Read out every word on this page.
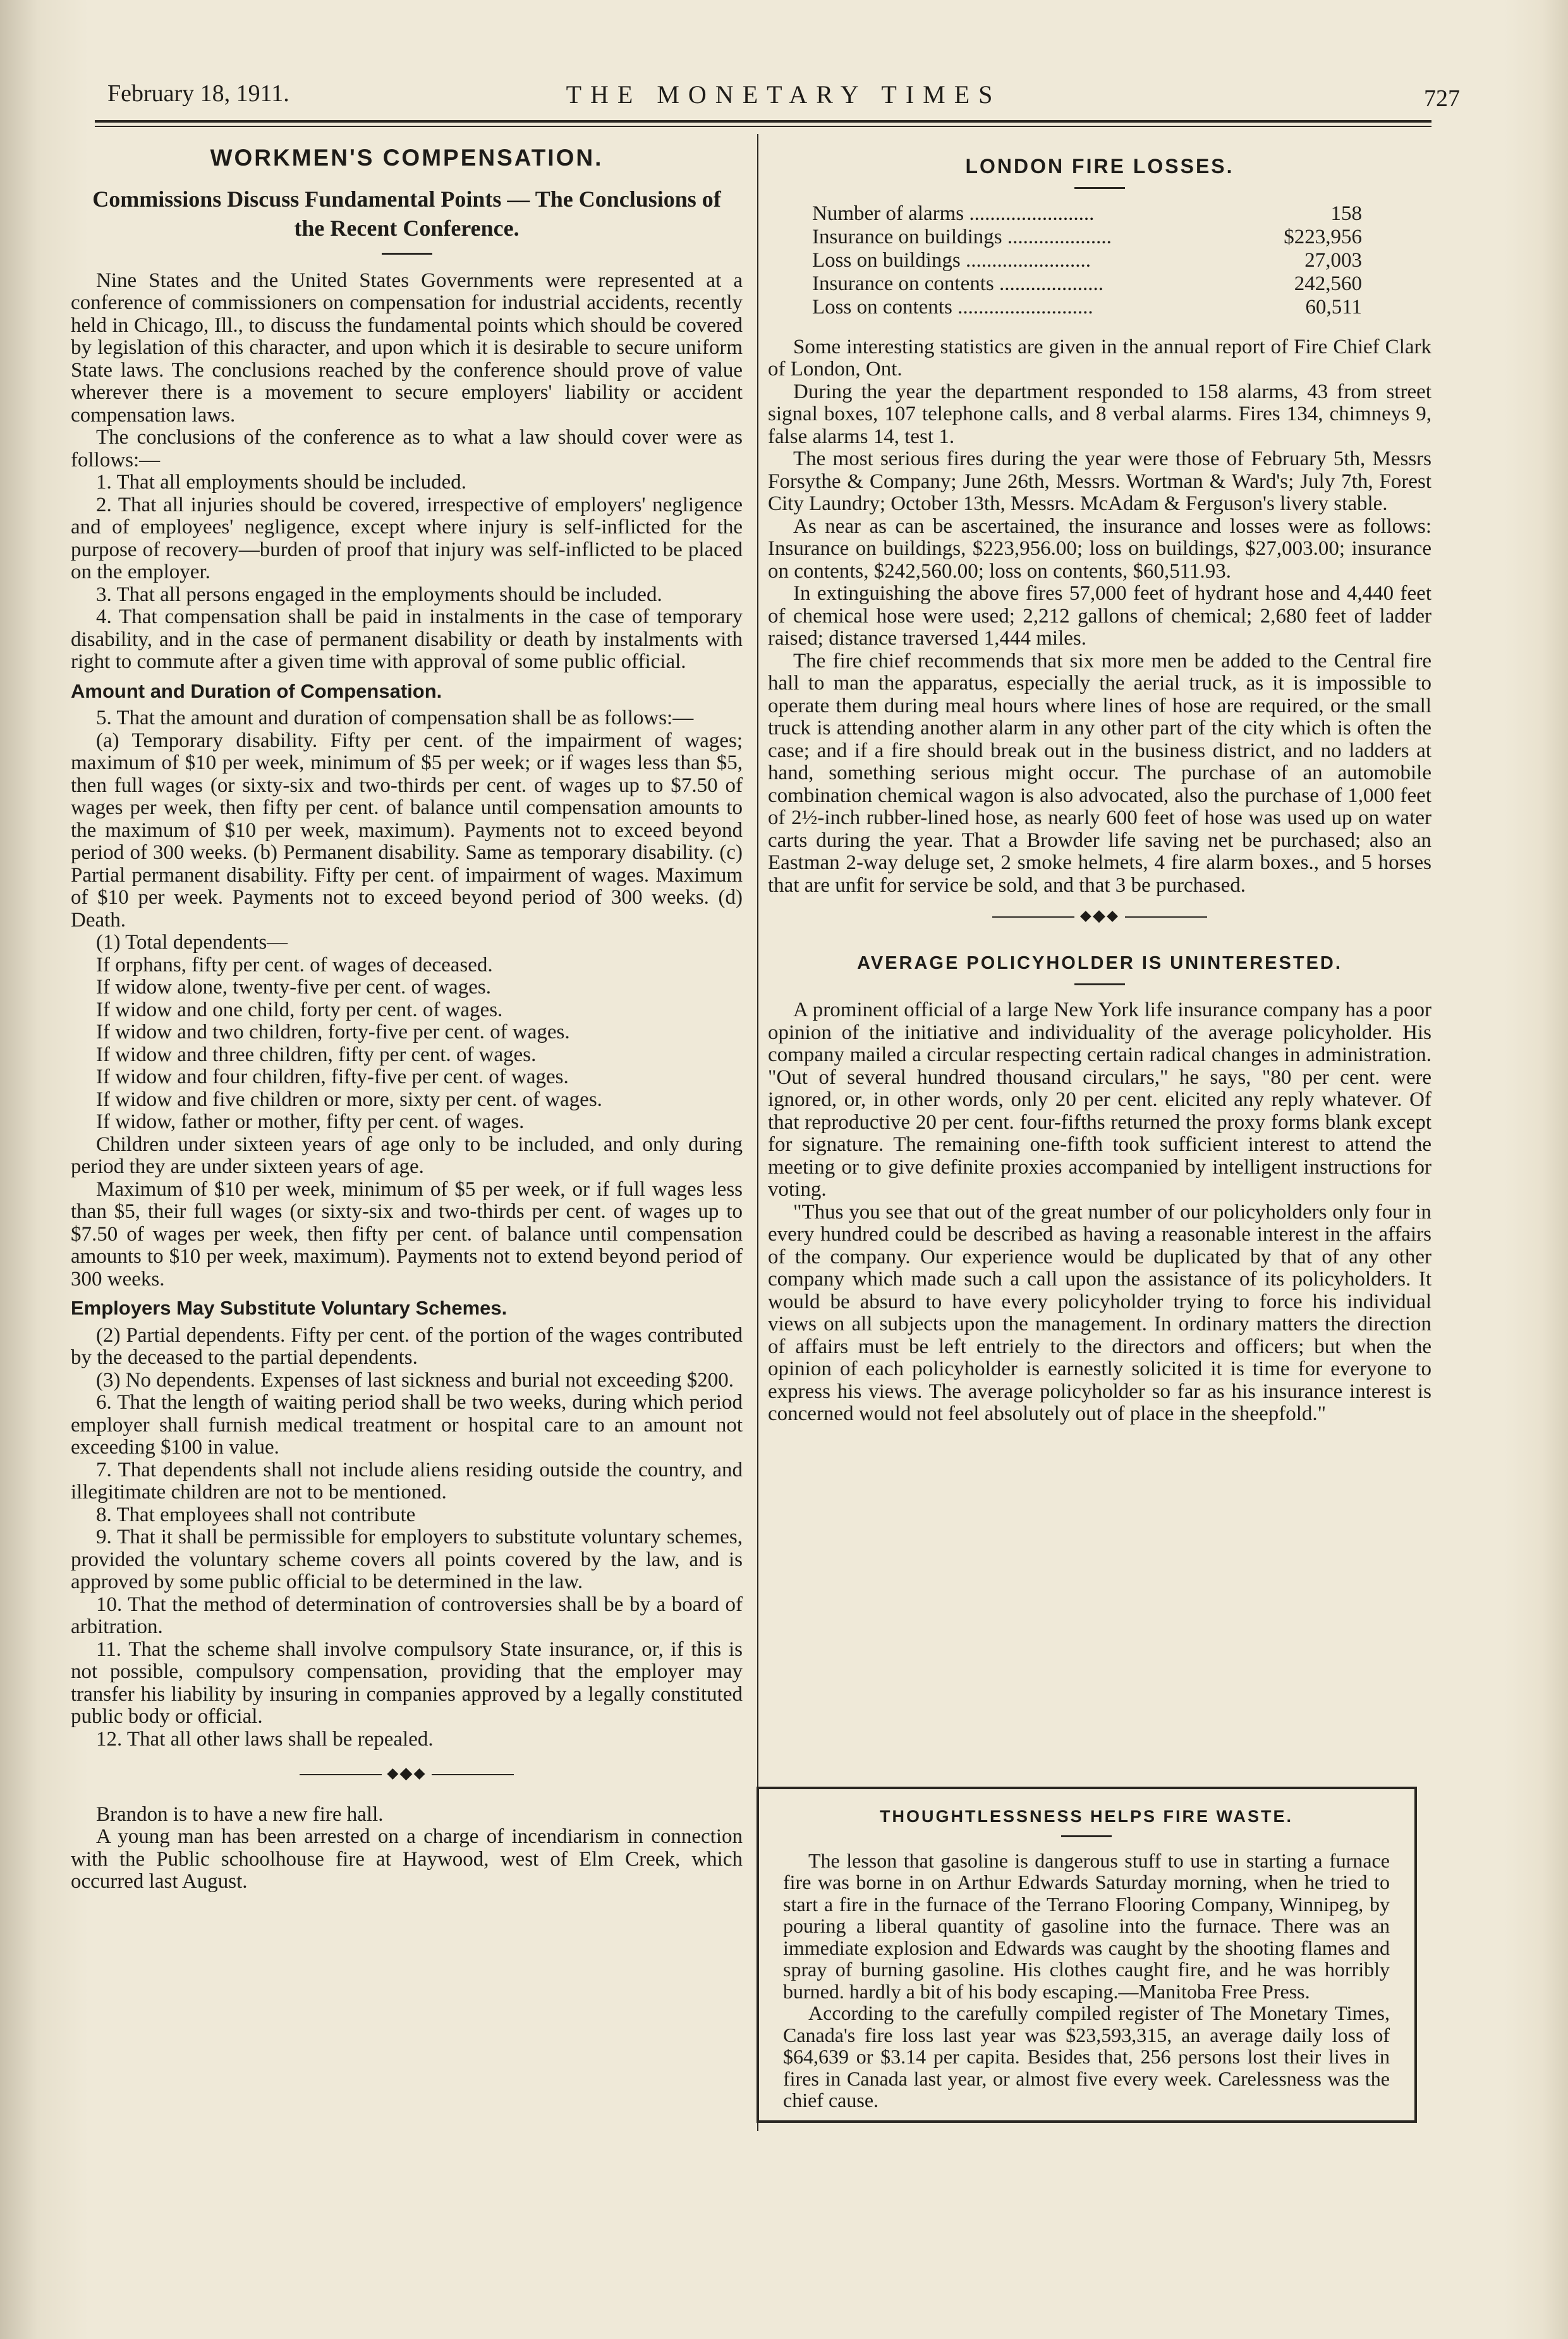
February 18, 1911.	THE MONETARY TIMES	727
WORKMEN'S COMPENSATION.
Commissions Discuss Fundamental Points — The Conclusions of the Recent Conference.

Nine States and the United States Governments were represented at a conference of commissioners on compensation for industrial accidents, recently held in Chicago, Ill., to discuss the fundamental points which should be covered by legislation of this character, and upon which it is desirable to secure uniform State laws. The conclusions reached by the conference should prove of value wherever there is a movement to secure employers' liability or accident compensation laws.

The conclusions of the conference as to what a law should cover were as follows:—

1. That all employments should be included.

2. That all injuries should be covered, irrespective of employers' negligence and of employees' negligence, except where injury is self-inflicted for the purpose of recovery—burden of proof that injury was self-inflicted to be placed on the employer.

3. That all persons engaged in the employments should be included.

4. That compensation shall be paid in instalments in the case of temporary disability, and in the case of permanent disability or death by instalments with right to commute after a given time with approval of some public official.

Amount and Duration of Compensation.

5. That the amount and duration of compensation shall be as follows:—

(a) Temporary disability. Fifty per cent. of the impairment of wages; maximum of $10 per week, minimum of $5 per week; or if wages less than $5, then full wages (or sixty-six and two-thirds per cent. of wages up to $7.50 of wages per week, then fifty per cent. of balance until compensation amounts to the maximum of $10 per week, maximum). Payments not to exceed beyond period of 300 weeks. (b) Permanent disability. Same as temporary disability. (c) Partial permanent disability. Fifty per cent. of impairment of wages. Maximum of $10 per week. Payments not to exceed beyond period of 300 weeks. (d) Death.

(1) Total dependents—

If orphans, fifty per cent. of wages of deceased.

If widow alone, twenty-five per cent. of wages.

If widow and one child, forty per cent. of wages.

If widow and two children, forty-five per cent. of wages.

If widow and three children, fifty per cent. of wages.

If widow and four children, fifty-five per cent. of wages.

If widow and five children or more, sixty per cent. of wages.

If widow, father or mother, fifty per cent. of wages.

Children under sixteen years of age only to be included, and only during period they are under sixteen years of age.

Maximum of $10 per week, minimum of $5 per week, or if full wages less than $5, their full wages (or sixty-six and two-thirds per cent. of wages up to $7.50 of wages per week, then fifty per cent. of balance until compensation amounts to $10 per week, maximum). Payments not to extend beyond period of 300 weeks.

Employers May Substitute Voluntary Schemes.

(2) Partial dependents. Fifty per cent. of the portion of the wages contributed by the deceased to the partial dependents.

(3) No dependents. Expenses of last sickness and burial not exceeding $200.

6. That the length of waiting period shall be two weeks, during which period employer shall furnish medical treatment or hospital care to an amount not exceeding $100 in value.

7. That dependents shall not include aliens residing outside the country, and illegitimate children are not to be mentioned.

8. That employees shall not contribute

9. That it shall be permissible for employers to substitute voluntary schemes, provided the voluntary scheme covers all points covered by the law, and is approved by some public official to be determined in the law.

10. That the method of determination of controversies shall be by a board of arbitration.

11. That the scheme shall involve compulsory State insurance, or, if this is not possible, compulsory compensation, providing that the employer may transfer his liability by insuring in companies approved by a legally constituted public body or official.

12. That all other laws shall be repealed.

⬥◆⬥

Brandon is to have a new fire hall.

A young man has been arrested on a charge of incendiarism in connection with the Public schoolhouse fire at Haywood, west of Elm Creek, which occurred last August.

LONDON FIRE LOSSES.
Number of alarms ........................	158
Insurance on buildings ....................	$223,956
Loss on buildings ........................	27,003
Insurance on contents ....................	242,560
Loss on contents ..........................	60,511

Some interesting statistics are given in the annual report of Fire Chief Clark of London, Ont.

During the year the department responded to 158 alarms, 43 from street signal boxes, 107 telephone calls, and 8 verbal alarms. Fires 134, chimneys 9, false alarms 14, test 1.

The most serious fires during the year were those of February 5th, Messrs Forsythe & Company; June 26th, Messrs. Wortman & Ward's; July 7th, Forest City Laundry; October 13th, Messrs. McAdam & Ferguson's livery stable.

As near as can be ascertained, the insurance and losses were as follows: Insurance on buildings, $223,956.00; loss on buildings, $27,003.00; insurance on contents, $242,560.00; loss on contents, $60,511.93.

In extinguishing the above fires 57,000 feet of hydrant hose and 4,440 feet of chemical hose were used; 2,212 gallons of chemical; 2,680 feet of ladder raised; distance traversed 1,444 miles.

The fire chief recommends that six more men be added to the Central fire hall to man the apparatus, especially the aerial truck, as it is impossible to operate them during meal hours where lines of hose are required, or the small truck is attending another alarm in any other part of the city which is often the case; and if a fire should break out in the business district, and no ladders at hand, something serious might occur. The purchase of an automobile combination chemical wagon is also advocated, also the purchase of 1,000 feet of 2½-inch rubber-lined hose, as nearly 600 feet of hose was used up on water carts during the year. That a Browder life saving net be purchased; also an Eastman 2-way deluge set, 2 smoke helmets, 4 fire alarm boxes., and 5 horses that are unfit for service be sold, and that 3 be purchased.

⬥◆⬥
AVERAGE POLICYHOLDER IS UNINTERESTED.

A prominent official of a large New York life insurance company has a poor opinion of the initiative and individuality of the average policyholder. His company mailed a circular respecting certain radical changes in administration. "Out of several hundred thousand circulars," he says, "80 per cent. were ignored, or, in other words, only 20 per cent. elicited any reply whatever. Of that reproductive 20 per cent. four-fifths returned the proxy forms blank except for signature. The remaining one-fifth took sufficient interest to attend the meeting or to give definite proxies accompanied by intelligent instructions for voting.

"Thus you see that out of the great number of our policyholders only four in every hundred could be described as having a reasonable interest in the affairs of the company. Our experience would be duplicated by that of any other company which made such a call upon the assistance of its policyholders. It would be absurd to have every policyholder trying to force his individual views on all subjects upon the management. In ordinary matters the direction of affairs must be left entriely to the directors and officers; but when the opinion of each policyholder is earnestly solicited it is time for everyone to express his views. The average policyholder so far as his insurance interest is concerned would not feel absolutely out of place in the sheepfold."

THOUGHTLESSNESS HELPS FIRE WASTE.

The lesson that gasoline is dangerous stuff to use in starting a furnace fire was borne in on Arthur Edwards Saturday morning, when he tried to start a fire in the furnace of the Terrano Flooring Company, Winnipeg, by pouring a liberal quantity of gasoline into the furnace. There was an immediate explosion and Edwards was caught by the shooting flames and spray of burning gasoline. His clothes caught fire, and he was horribly burned. hardly a bit of his body escaping.—Manitoba Free Press.

According to the carefully compiled register of The Monetary Times, Canada's fire loss last year was $23,593,315, an average daily loss of $64,639 or $3.14 per capita. Besides that, 256 persons lost their lives in fires in Canada last year, or almost five every week. Carelessness was the chief cause.
